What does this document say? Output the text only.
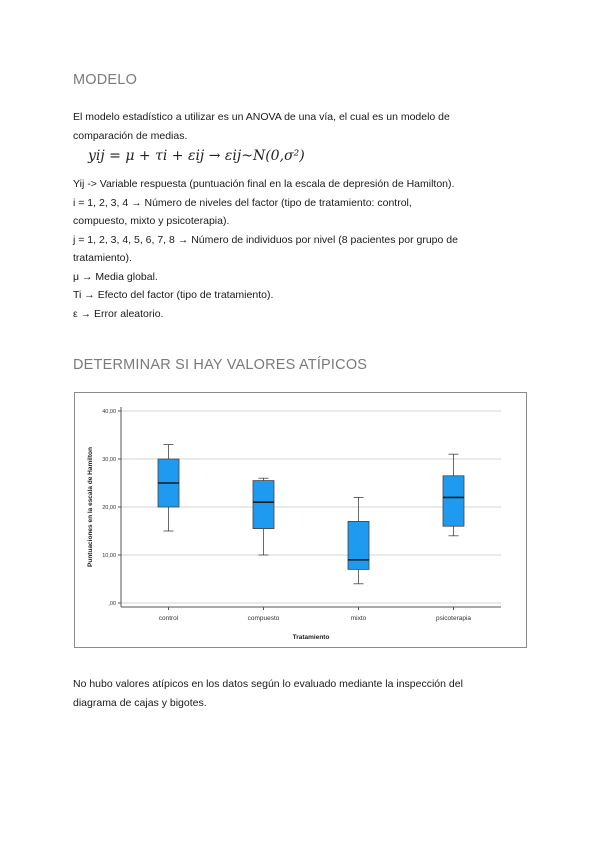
MODELO

El modelo estadístico a utilizar es un ANOVA de una vía, el cual es un modelo de

comparación de medias.

yij = μ + τi + εij → εij~N(0,σ²)

Yij -> Variable respuesta (puntuación final en la escala de depresión de Hamilton).

i = 1, 2, 3, 4 → Número de niveles del factor (tipo de tratamiento: control,

compuesto, mixto y psicoterapia).

j = 1, 2, 3, 4, 5, 6, 7, 8 → Número de individuos por nivel (8 pacientes por grupo de

tratamiento).

μ → Media global.

Ti → Efecto del factor (tipo de tratamiento).

ε → Error aleatorio.

DETERMINAR SI HAY VALORES ATÍPICOS
,00
10,00
20,00
30,00
40,00
control	compuesto	mixto	psicoterapia
Puntuaciones en la escala de Hamilton
Tratamiento

No hubo valores atípicos en los datos según lo evaluado mediante la inspección del

diagrama de cajas y bigotes.
